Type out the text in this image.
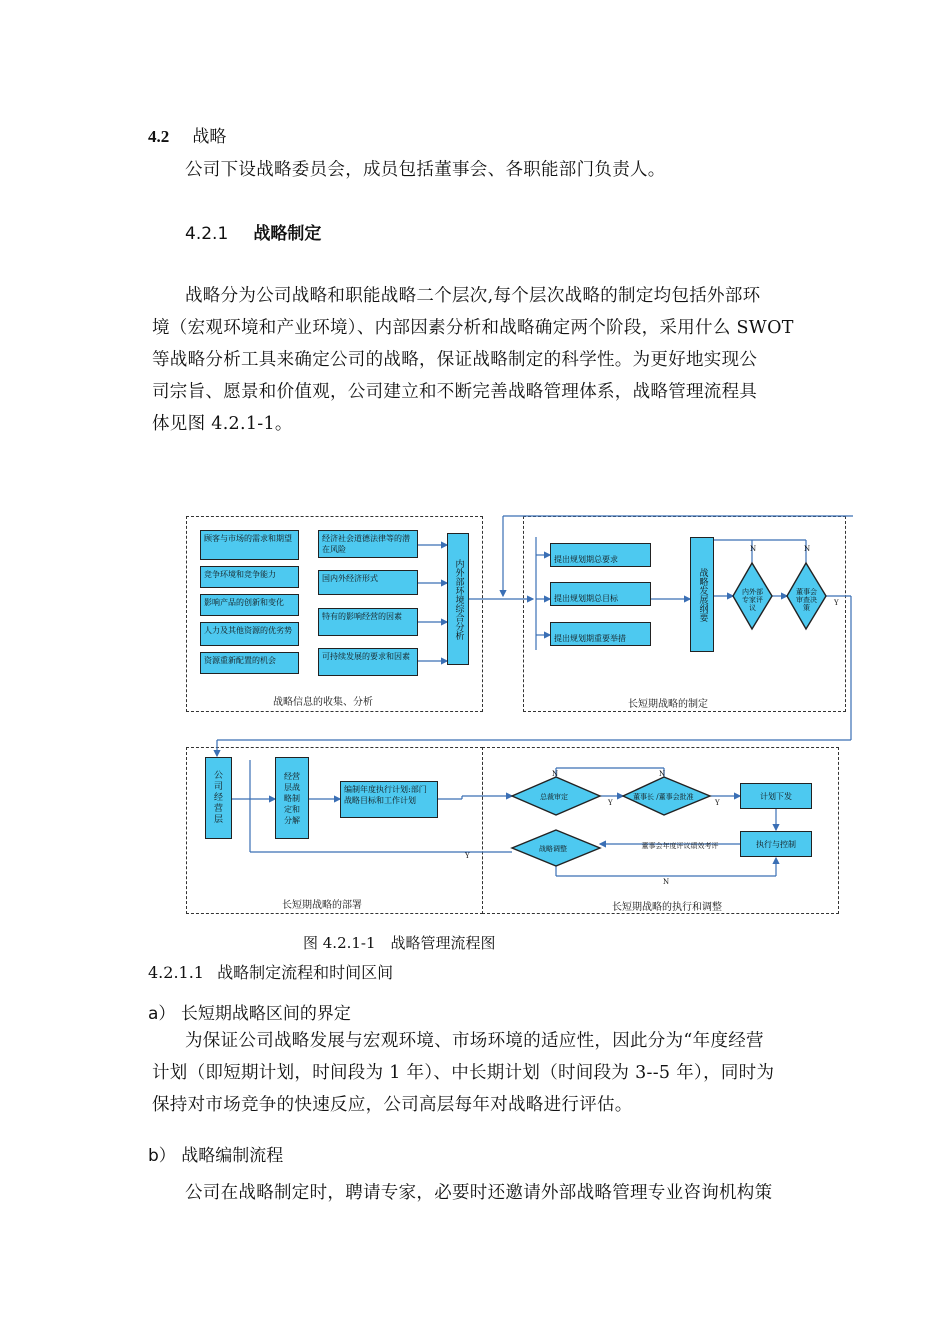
4.2 战略
公司下设战略委员会，成员包括董事会、各职能部门负责人。
4.2.1 战略制定
战略分为公司战略和职能战略二个层次,每个层次战略的制定均包括外部环
境（宏观环境和产业环境）、内部因素分析和战略确定两个阶段，采用什么 SWOT
等战略分析工具来确定公司的战略，保证战略制定的科学性。为更好地实现公
司宗旨、愿景和价值观，公司建立和不断完善战略管理体系，战略管理流程具
体见图 4.2.1-1。
顾客与市场的需求和期望
竞争环境和竞争能力
影响产品的创新和变化
人力及其他资源的优劣势
资源重新配置的机会
经济社会道德法律等的潜在风险
国内外经济形式
特有的影响经营的因素
可持续发展的要求和因素
内外部环境综合分析
战略信息的收集、分析
提出规划期总要求
提出规划期总目标
提出规划期重要举措
战略发展纲要	内外部专家评议
董事会审查决策
N	N
Y
长短期战略的制定
公司经营层
经营层战略制定和分解
编制年度执行计划:部门战略目标和工作计划
Y
长短期战略的部署
总裁审定	董事长 /董事会批准	计划下发
执行与控制
战略调整	董事会年度评议绩效考评
N	N
N
Y	Y
长短期战略的执行和调整
图 4.2.1-1　战略管理流程图
4.2.1.1 战略制定流程和时间区间
a） 长短期战略区间的界定
为保证公司战略发展与宏观环境、市场环境的适应性，因此分为“年度经营
计划（即短期计划，时间段为 1 年）、中长期计划（时间段为 3--5 年），同时为
保持对市场竞争的快速反应，公司高层每年对战略进行评估。
b） 战略编制流程
公司在战略制定时，聘请专家，必要时还邀请外部战略管理专业咨询机构策
